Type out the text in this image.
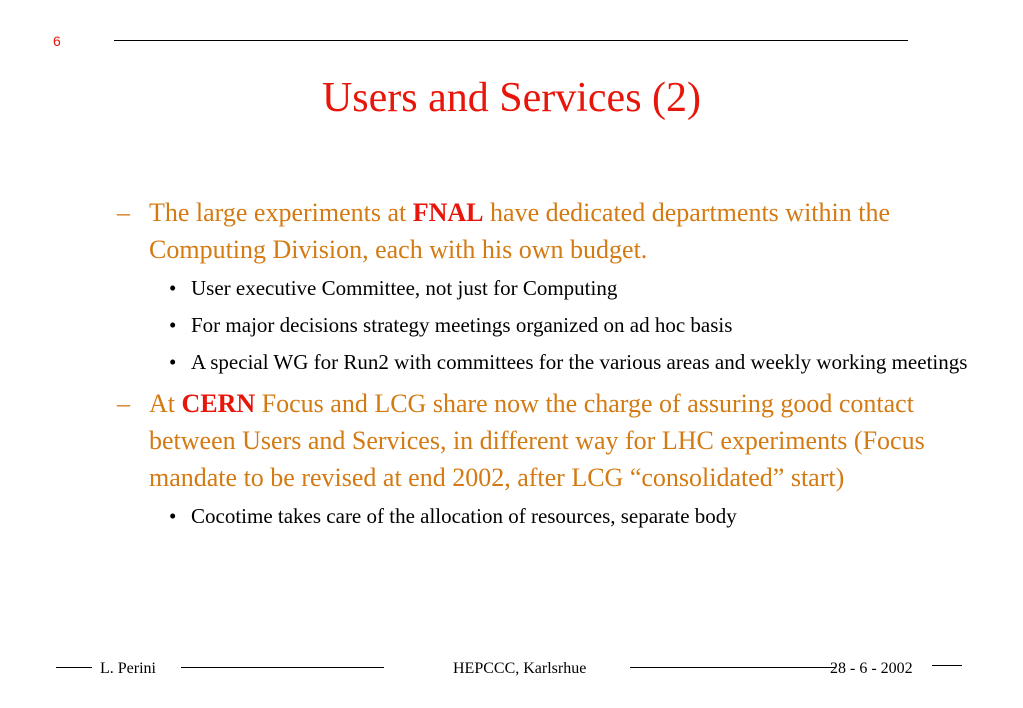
6
Users and Services (2)
– The large experiments at FNAL have dedicated departments within the Computing Division, each with his own budget.
• User executive Committee, not just for Computing
• For major decisions strategy meetings organized on ad hoc basis
• A special WG for Run2 with committees for the various areas and weekly working meetings
– At CERN Focus and LCG share now the charge of assuring good contact between Users and Services, in different way for LHC experiments (Focus mandate to be revised at end 2002, after LCG “consolidated” start)
• Cocotime takes care of the allocation of resources, separate body
L. Perini	HEPCCC, Karlsrhue	28 - 6 - 2002
